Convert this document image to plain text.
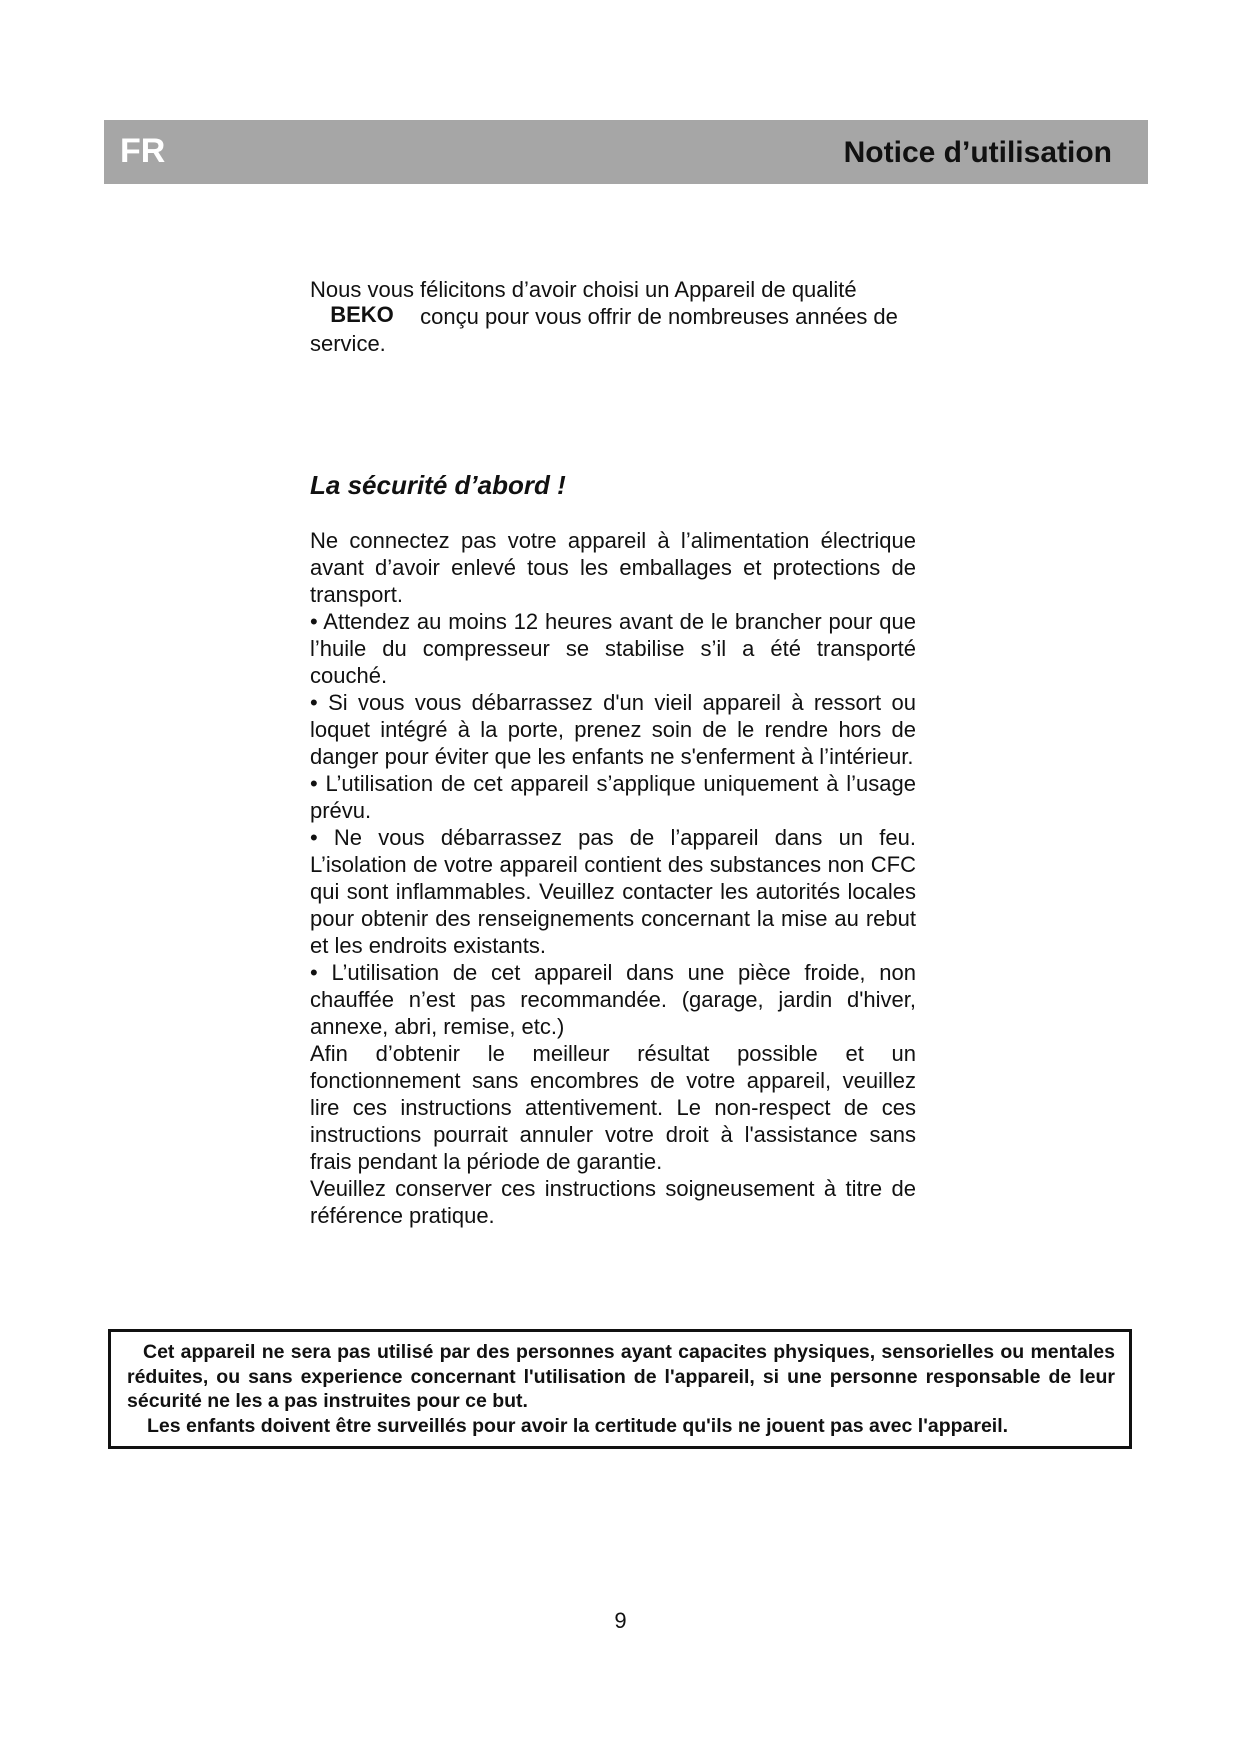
FR	Notice d’utilisation

Nous vous félicitons d’avoir choisi un Appareil de qualité
BEKO conçu pour vous offrir de nombreuses années de service.

La sécurité d’abord !

Ne connectez pas votre appareil à l’alimentation électrique avant d’avoir enlevé tous les emballages et protections de transport.

• Attendez au moins 12 heures avant de le brancher pour que l’huile du compresseur se stabilise s’il a été transporté couché.

• Si vous vous débarrassez d'un vieil appareil à ressort ou loquet intégré à la porte, prenez soin de le rendre hors de danger pour éviter que les enfants ne s'enferment à l’intérieur.

• L’utilisation de cet appareil s’applique uniquement à l’usage prévu.

• Ne vous débarrassez pas de l’appareil dans un feu. L’isolation de votre appareil contient des substances non CFC qui sont inflammables. Veuillez contacter les autorités locales pour obtenir des renseignements concernant la mise au rebut et les endroits existants.

• L’utilisation de cet appareil dans une pièce froide, non chauffée n’est pas recommandée. (garage, jardin d'hiver, annexe, abri, remise, etc.)

Afin d’obtenir le meilleur résultat possible et un fonctionnement sans encombres de votre appareil, veuillez lire ces instructions attentivement. Le non-respect de ces instructions pourrait annuler votre droit à l'assistance sans frais pendant la période de garantie.

Veuillez conserver ces instructions soigneusement à titre de référence pratique.

Cet appareil ne sera pas utilisé par des personnes ayant capacites physiques, sensorielles ou mentales réduites, ou sans experience concernant l'utilisation de l'appareil, si une personne responsable de leur sécurité ne les a pas instruites pour ce but.

Les enfants doivent être surveillés pour avoir la certitude qu'ils ne jouent pas avec l'appareil.

9
